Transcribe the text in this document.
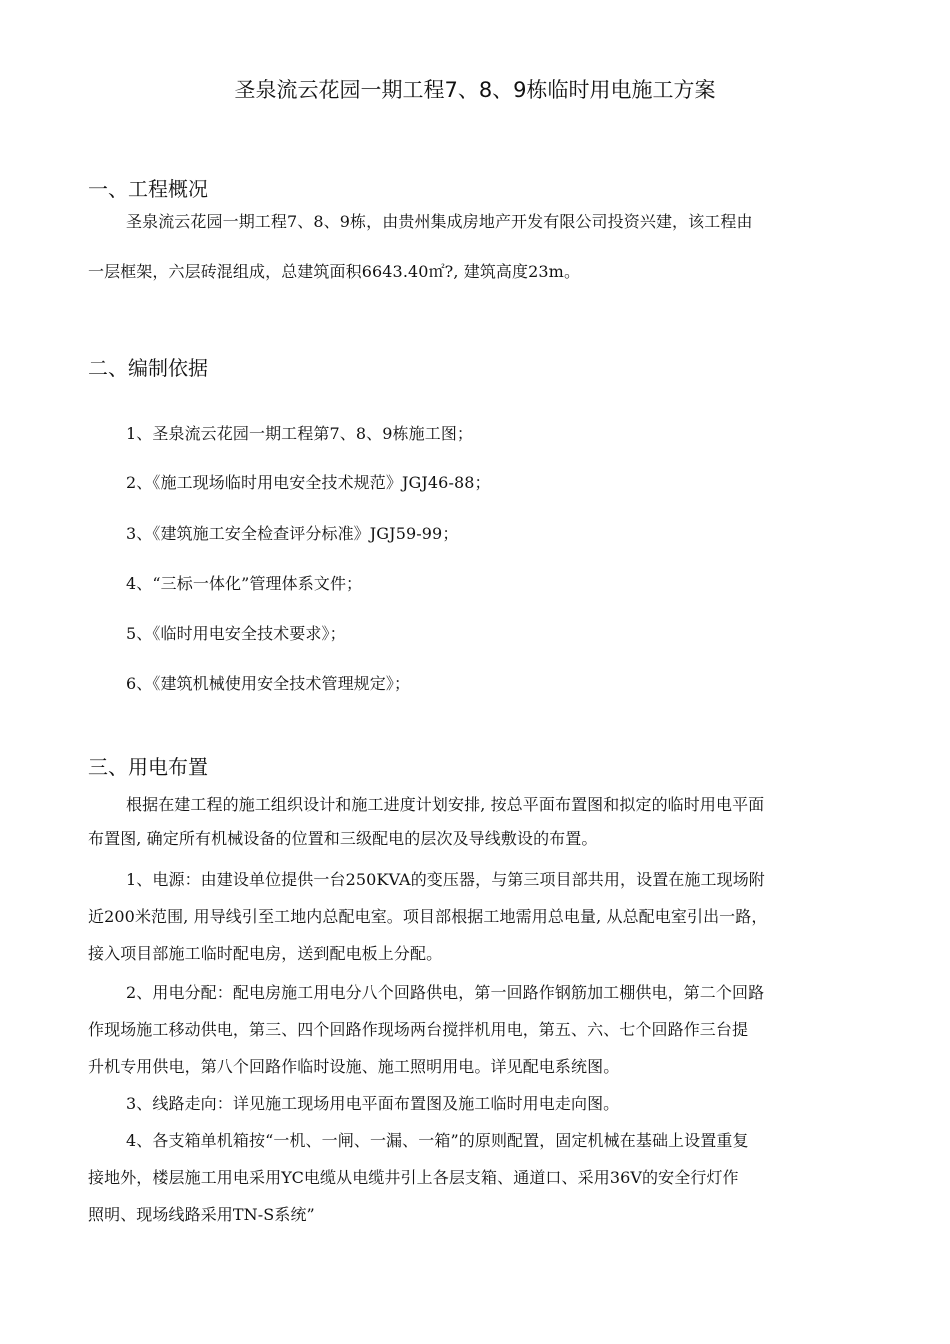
圣泉流云花园一期工程7、8、9栋临时用电施工方案
一、工程概况
圣泉流云花园一期工程7、8、9栋，由贵州集成房地产开发有限公司投资兴建，该工程由
一层框架，六层砖混组成，总建筑面积6643.40㎡?, 建筑高度23m。
二、编制依据
1、圣泉流云花园一期工程第7、8、9栋施工图；
2、《施工现场临时用电安全技术规范》JGJ46-88；
3、《建筑施工安全检查评分标准》JGJ59-99；
4、“三标一体化”管理体系文件；
5、《临时用电安全技术要求》；
6、《建筑机械使用安全技术管理规定》；
三、用电布置
根据在建工程的施工组织设计和施工进度计划安排, 按总平面布置图和拟定的临时用电平面
布置图, 确定所有机械设备的位置和三级配电的层次及导线敷设的布置。
1、电源：由建设单位提供一台250KVA的变压器，与第三项目部共用，设置在施工现场附
近200米范围, 用导线引至工地内总配电室。项目部根据工地需用总电量, 从总配电室引出一路，
接入项目部施工临时配电房，送到配电板上分配。
2、用电分配：配电房施工用电分八个回路供电，第一回路作钢筋加工棚供电，第二个回路
作现场施工移动供电，第三、四个回路作现场两台搅拌机用电，第五、六、七个回路作三台提
升机专用供电，第八个回路作临时设施、施工照明用电。详见配电系统图。
3、线路走向：详见施工现场用电平面布置图及施工临时用电走向图。
4、各支箱单机箱按“一机、一闸、一漏、一箱”的原则配置，固定机械在基础上设置重复
接地外，楼层施工用电采用YC电缆从电缆井引上各层支箱、通道口、采用36V的安全行灯作
照明、现场线路采用TN-S系统”
